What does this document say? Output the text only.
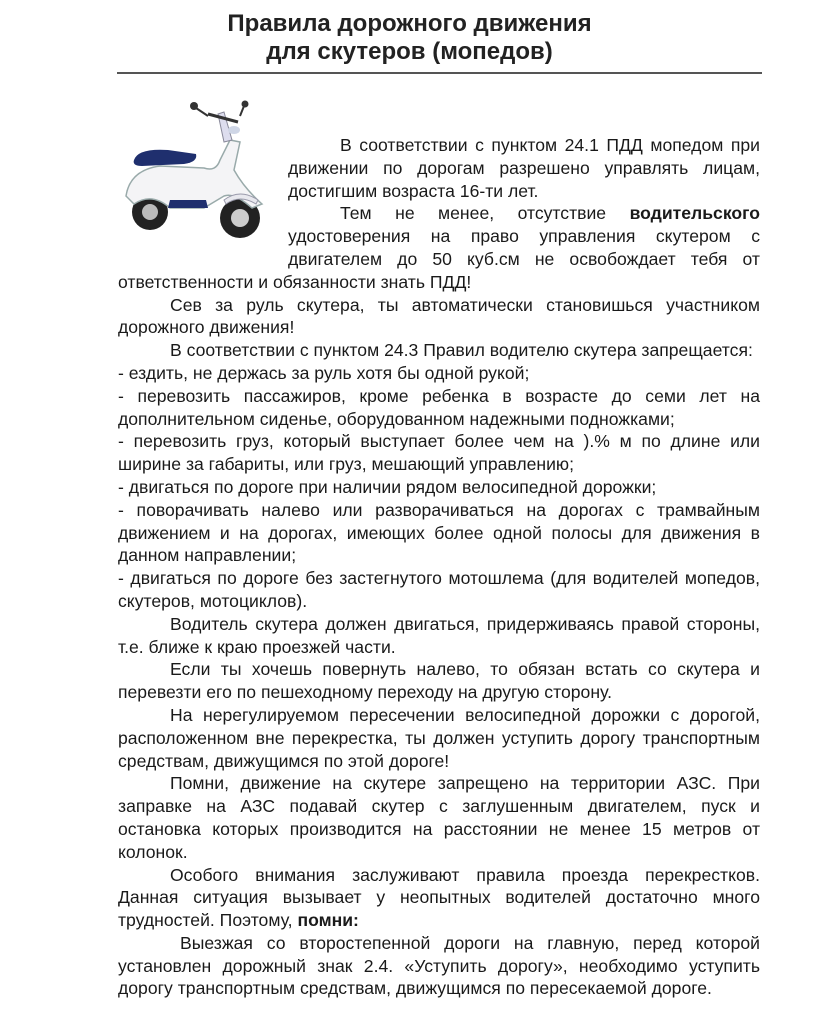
Правила дорожного движения
для скутеров (мопедов)

В соответствии с пунктом 24.1 ПДД мопедом при движении по дорогам разрешено управлять лицам, достигшим возраста 16-ти лет.

Тем не менее, отсутствие водительского удостоверения на право управления скутером с двигателем до 50 куб.см не освобождает тебя от ответственности и обязанности знать ПДД!

Сев за руль скутера, ты автоматически становишься участником дорожного движения!

В соответствии с пунктом 24.3 Правил водителю скутера запрещается:

- ездить, не держась за руль хотя бы одной рукой;

- перевозить пассажиров, кроме ребенка в возрасте до семи лет на дополнительном сиденье, оборудованном надежными подножками;

- перевозить груз, который выступает более чем на ).% м по длине или ширине за габариты, или груз, мешающий управлению;

- двигаться по дороге при наличии рядом велосипедной дорожки;

- поворачивать налево или разворачиваться на дорогах с трамвайным движением и на дорогах, имеющих более одной полосы для движения в данном направлении;

- двигаться по дороге без застегнутого мотошлема (для водителей мопедов, скутеров, мотоциклов).

Водитель скутера должен двигаться, придерживаясь правой стороны, т.е. ближе к краю проезжей части.

Если ты хочешь повернуть налево, то обязан встать со скутера и перевезти его по пешеходному переходу на другую сторону.

На нерегулируемом пересечении велосипедной дорожки с дорогой, расположенном вне перекрестка, ты должен уступить дорогу транспортным средствам, движущимся по этой дороге!

Помни, движение на скутере запрещено на территории АЗС. При заправке на АЗС подавай скутер с заглушенным двигателем, пуск и остановка которых производится на расстоянии не менее 15 метров от колонок.

Особого внимания заслуживают правила проезда перекрестков. Данная ситуация вызывает у неопытных водителей достаточно много трудностей. Поэтому, помни:

Выезжая со второстепенной дороги на главную, перед которой установлен дорожный знак 2.4. «Уступить дорогу», необходимо уступить дорогу транспортным средствам, движущимся по пересекаемой дороге.
